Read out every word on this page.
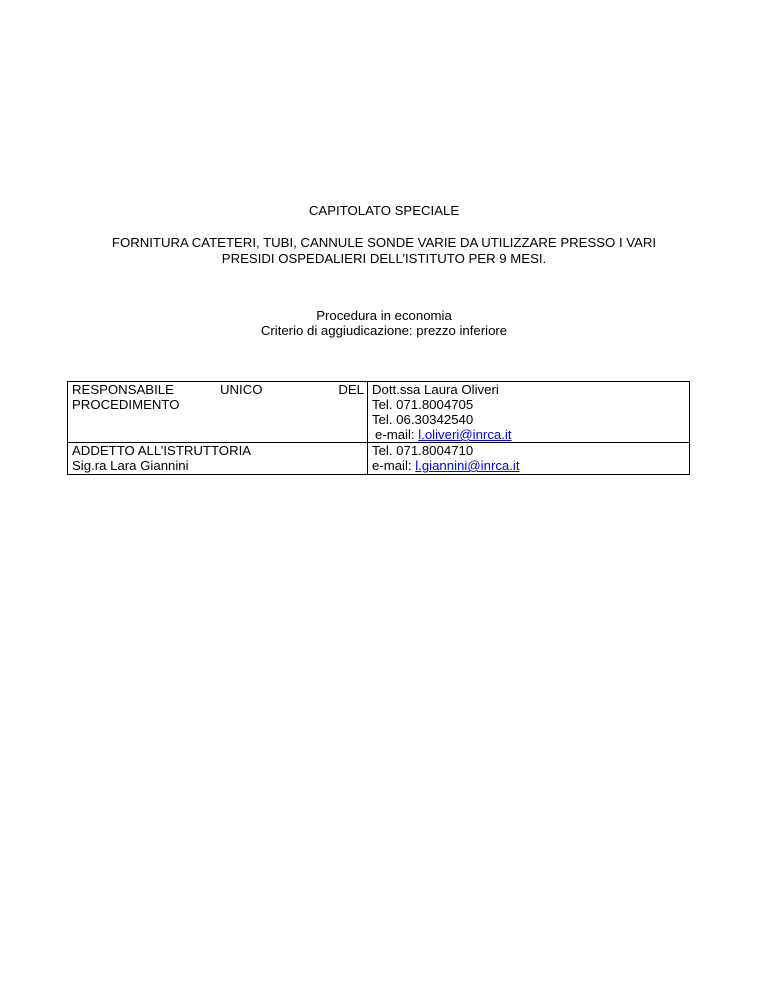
CAPITOLATO SPECIALE
FORNITURA CATETERI, TUBI, CANNULE SONDE VARIE DA UTILIZZARE PRESSO I VARI
PRESIDI OSPEDALIERI DELL’ISTITUTO PER 9 MESI.
Procedura in economia
Criterio di aggiudicazione: prezzo inferiore
RESPONSABILE UNICO DEL
PROCEDIMENTO	Dott.ssa Laura Oliveri
Tel. 071.8004705
Tel. 06.30342540
e-mail: l.oliveri@inrca.it

ADDETTO ALL’ISTRUTTORIA
Sig.ra Lara Giannini	Tel. 071.8004710
e-mail: l.giannini@inrca.it
